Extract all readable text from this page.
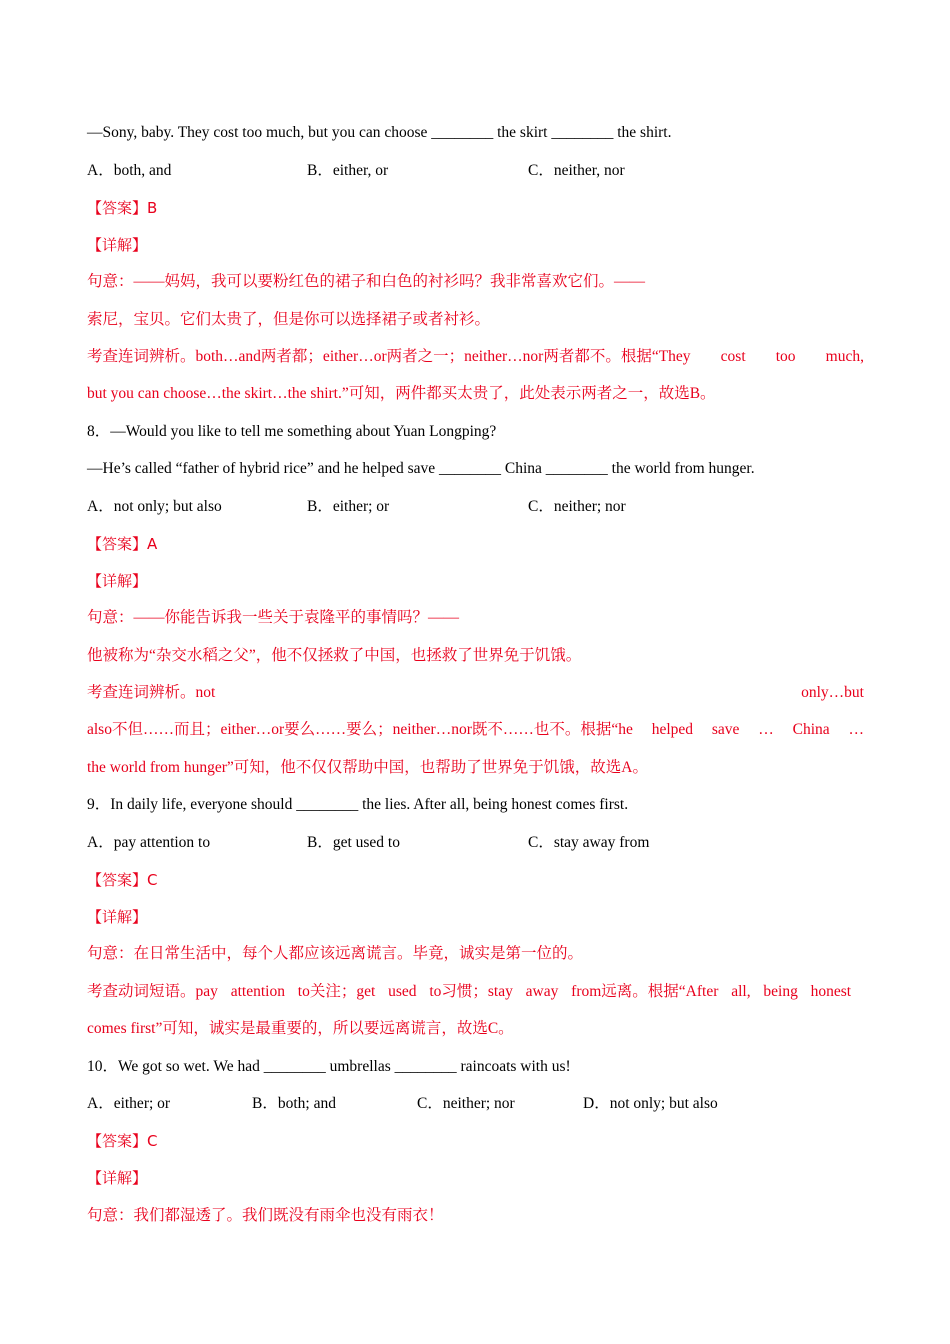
—Sony, baby. They cost too much, but you can choose ________ the skirt ________ the shirt.
A．both, and	B．either, or	C．neither, nor
【答案】B
【详解】
句意：——妈妈，我可以要粉红色的裙子和白色的衬衫吗？我非常喜欢它们。——
索尼，宝贝。它们太贵了，但是你可以选择裙子或者衬衫。
考查连词辨析。both…and两者都；either…or两者之一；neither…nor两者都不。根据“They cost too much,
but you can choose…the skirt…the shirt.”可知，两件都买太贵了，此处表示两者之一，故选B。
8．—Would you like to tell me something about Yuan Longping?
—He’s called “father of hybrid rice” and he helped save ________ China ________ the world from hunger.
A．not only; but also	B．either; or	C．neither; nor
【答案】A
【详解】
句意：——你能告诉我一些关于袁隆平的事情吗？——
他被称为“杂交水稻之父”，他不仅拯救了中国，也拯救了世界免于饥饿。
考查连词辨析。not	only…but
also不但……而且；either…or要么……要么；neither…nor既不……也不。根据“he helped save … China …
the world from hunger”可知，他不仅仅帮助中国，也帮助了世界免于饥饿，故选A。
9．In daily life, everyone should ________ the lies. After all, being honest comes first.
A．pay attention to	B．get used to	C．stay away from
【答案】C
【详解】
句意：在日常生活中，每个人都应该远离谎言。毕竟，诚实是第一位的。
考查动词短语。pay attention to关注；get used to习惯；stay away from远离。根据“After all, being honest
comes first”可知，诚实是最重要的，所以要远离谎言，故选C。
10．We got so wet. We had ________ umbrellas ________ raincoats with us!
A．either; or	B．both; and	C．neither; nor	D．not only; but also
【答案】C
【详解】
句意：我们都湿透了。我们既没有雨伞也没有雨衣！
